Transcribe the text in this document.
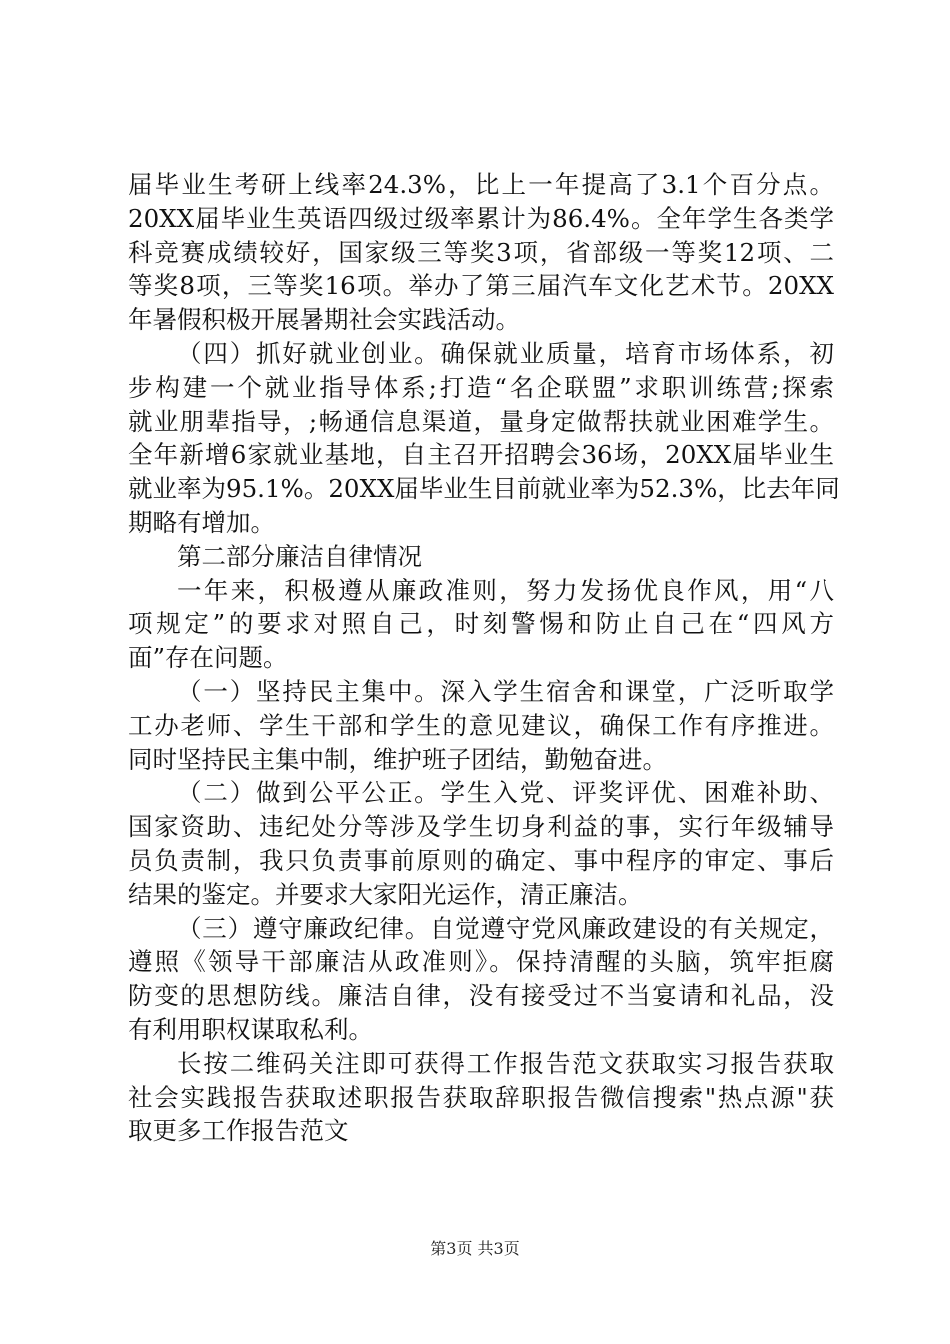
届毕业生考研上线率24.3%，比上一年提高了3.1个百分点。
20XX届毕业生英语四级过级率累计为86.4%。全年学生各类学
科竞赛成绩较好，国家级三等奖3项，省部级一等奖12项、二
等奖8项，三等奖16项。举办了第三届汽车文化艺术节。20XX
年暑假积极开展暑期社会实践活动。
（四）抓好就业创业。确保就业质量，培育市场体系，初
步构建一个就业指导体系;打造“名企联盟”求职训练营;探索
就业朋辈指导，;畅通信息渠道，量身定做帮扶就业困难学生。
全年新增6家就业基地，自主召开招聘会36场，20XX届毕业生
就业率为95.1%。20XX届毕业生目前就业率为52.3%，比去年同
期略有增加。
第二部分廉洁自律情况
一年来，积极遵从廉政准则，努力发扬优良作风，用“八
项规定”的要求对照自己，时刻警惕和防止自己在“四风方
面”存在问题。
（一）坚持民主集中。深入学生宿舍和课堂，广泛听取学
工办老师、学生干部和学生的意见建议，确保工作有序推进。
同时坚持民主集中制，维护班子团结，勤勉奋进。
（二）做到公平公正。学生入党、评奖评优、困难补助、
国家资助、违纪处分等涉及学生切身利益的事，实行年级辅导
员负责制，我只负责事前原则的确定、事中程序的审定、事后
结果的鉴定。并要求大家阳光运作，清正廉洁。
（三）遵守廉政纪律。自觉遵守党风廉政建设的有关规定，
遵照《领导干部廉洁从政准则》。保持清醒的头脑，筑牢拒腐
防变的思想防线。廉洁自律，没有接受过不当宴请和礼品，没
有利用职权谋取私利。
长按二维码关注即可获得工作报告范文获取实习报告获取
社会实践报告获取述职报告获取辞职报告微信搜索"热点源"获
取更多工作报告范文
第3页 共3页
